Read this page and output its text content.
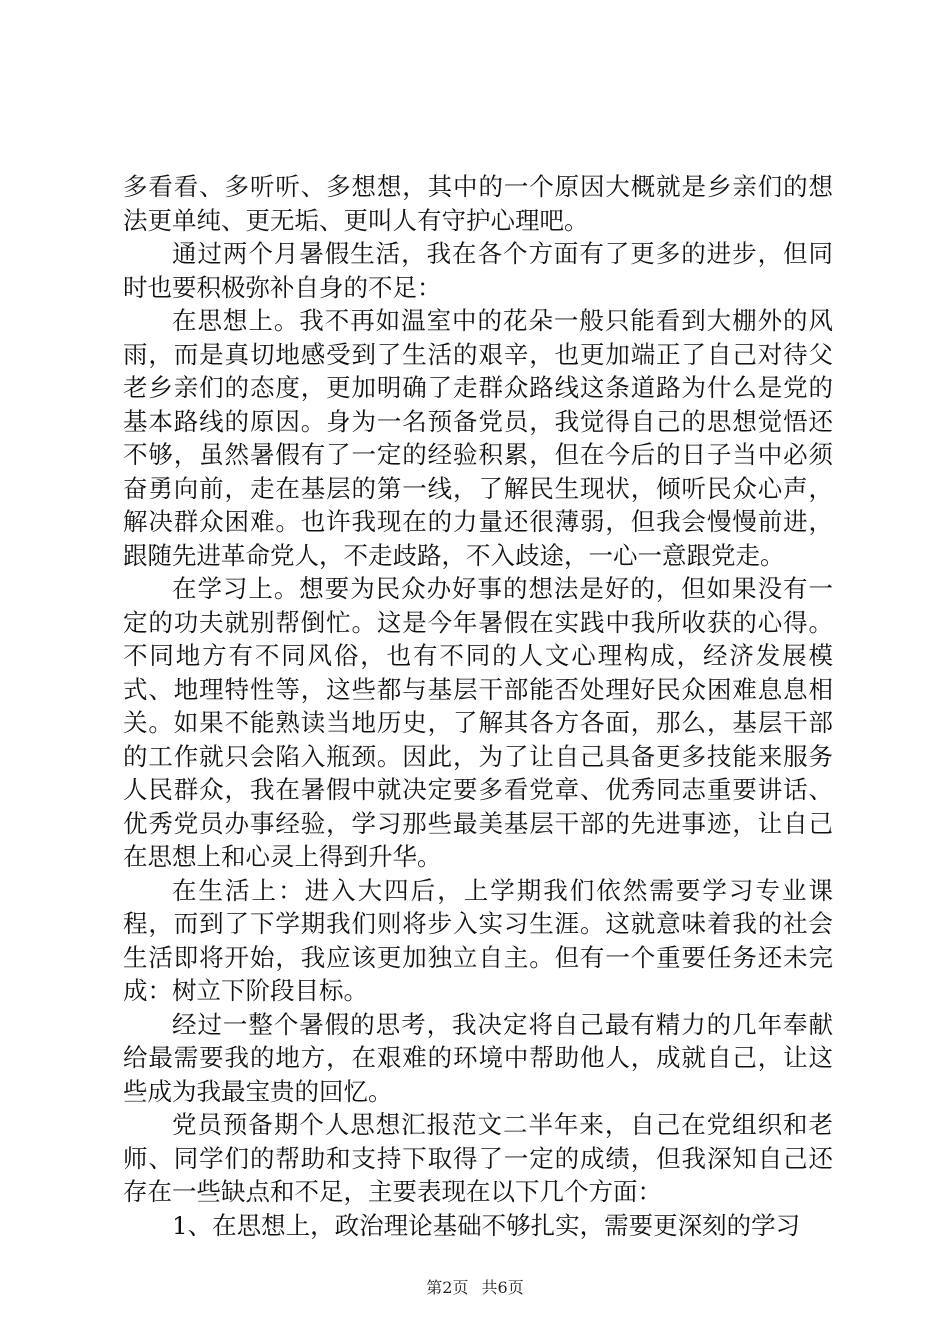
多看看、多听听、多想想，其中的一个原因大概就是乡亲们的想法更单纯、更无垢、更叫人有守护心理吧。

通过两个月暑假生活，我在各个方面有了更多的进步，但同时也要积极弥补自身的不足：

在思想上。我不再如温室中的花朵一般只能看到大棚外的风雨，而是真切地感受到了生活的艰辛，也更加端正了自己对待父老乡亲们的态度，更加明确了走群众路线这条道路为什么是党的基本路线的原因。身为一名预备党员，我觉得自己的思想觉悟还不够，虽然暑假有了一定的经验积累，但在今后的日子当中必须奋勇向前，走在基层的第一线，了解民生现状，倾听民众心声，解决群众困难。也许我现在的力量还很薄弱，但我会慢慢前进，跟随先进革命党人，不走歧路，不入歧途，一心一意跟党走。

在学习上。想要为民众办好事的想法是好的，但如果没有一定的功夫就别帮倒忙。这是今年暑假在实践中我所收获的心得。不同地方有不同风俗，也有不同的人文心理构成，经济发展模式、地理特性等，这些都与基层干部能否处理好民众困难息息相关。如果不能熟读当地历史，了解其各方各面，那么，基层干部的工作就只会陷入瓶颈。因此，为了让自己具备更多技能来服务人民群众，我在暑假中就决定要多看党章、优秀同志重要讲话、优秀党员办事经验，学习那些最美基层干部的先进事迹，让自己在思想上和心灵上得到升华。

在生活上：进入大四后，上学期我们依然需要学习专业课程，而到了下学期我们则将步入实习生涯。这就意味着我的社会生活即将开始，我应该更加独立自主。但有一个重要任务还未完成：树立下阶段目标。

经过一整个暑假的思考，我决定将自己最有精力的几年奉献给最需要我的地方，在艰难的环境中帮助他人，成就自己，让这些成为我最宝贵的回忆。

党员预备期个人思想汇报范文二半年来，自己在党组织和老师、同学们的帮助和支持下取得了一定的成绩，但我深知自己还存在一些缺点和不足，主要表现在以下几个方面：

1、在思想上，政治理论基础不够扎实，需要更深刻的学习

第2页 共6页
